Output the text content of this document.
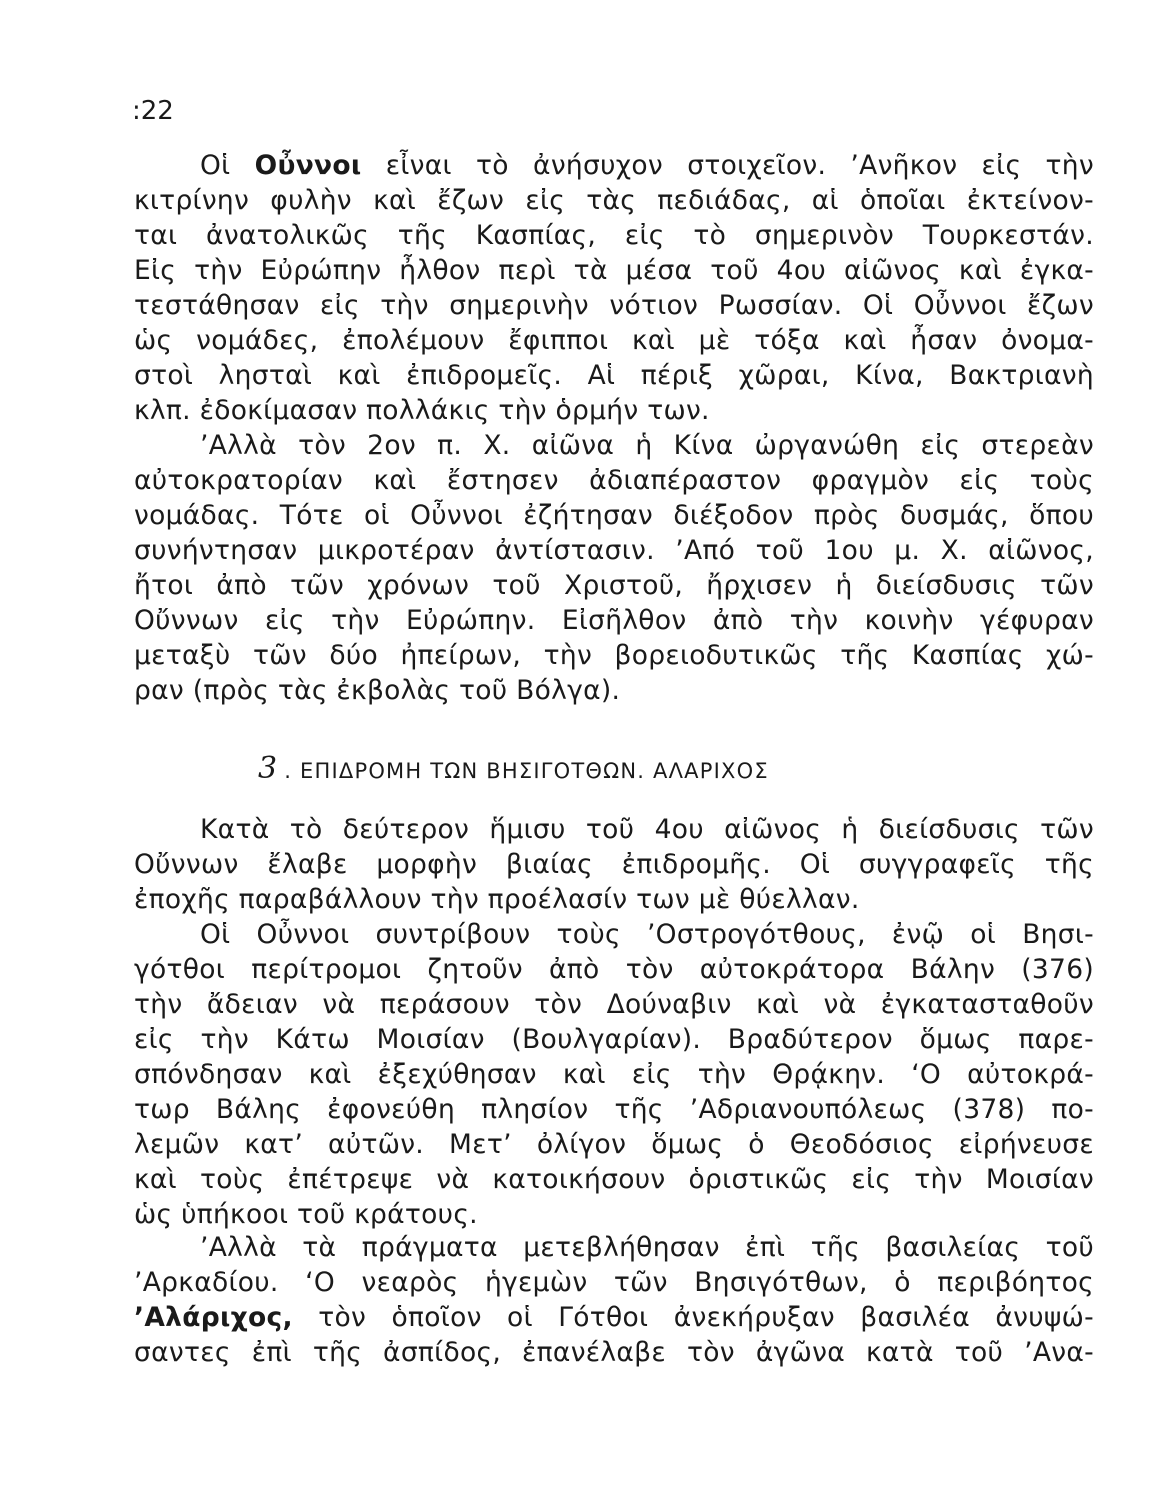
:22
Οἱ Οὖννοι εἶναι τὸ ἀνήσυχον στοιχεῖον. ’Ανῆκον εἰς τὴν
κιτρίνην φυλὴν καὶ ἔζων εἰς τὰς πεδιάδας, αἱ ὁποῖαι ἐκτείνον-
ται ἀνατολικῶς τῆς Κασπίας, εἰς τὸ σημερινὸν Τουρκεστάν.
Εἰς τὴν Εὐρώπην ἦλθον περὶ τὰ μέσα τοῦ 4ου αἰῶνος καὶ ἐγκα-
τεστάθησαν εἰς τὴν σημερινὴν νότιον Ρωσσίαν. Οἱ Οὖννοι ἔζων
ὡς νομάδες, ἐπολέμουν ἔφιπποι καὶ μὲ τόξα καὶ ἦσαν ὀνομα-
στοὶ λησταὶ καὶ ἐπιδρομεῖς. Αἱ πέριξ χῶραι, Κίνα, Βακτριανὴ
κλπ. ἐδοκίμασαν πολλάκις τὴν ὁρμήν των.
’Αλλὰ τὸν 2ον π. Χ. αἰῶνα ἡ Κίνα ὠργανώθη εἰς στερεὰν
αὐτοκρατορίαν καὶ ἔστησεν ἀδιαπέραστον φραγμὸν εἰς τοὺς
νομάδας. Τότε οἱ Οὖννοι ἐζήτησαν διέξοδον πρὸς δυσμάς, ὅπου
συνήντησαν μικροτέραν ἀντίστασιν. ’Από τοῦ 1ου μ. Χ. αἰῶνος,
ἤτοι ἀπὸ τῶν χρόνων τοῦ Χριστοῦ, ἤρχισεν ἡ διείσδυσις τῶν
Οὔννων εἰς τὴν Εὐρώπην. Εἰσῆλθον ἀπὸ τὴν κοινὴν γέφυραν
μεταξὺ τῶν δύο ἠπείρων, τὴν βορειοδυτικῶς τῆς Κασπίας χώ-
ραν (πρὸς τὰς ἐκβολὰς τοῦ Βόλγα).
3 . ΕΠΙΔΡΟΜΗ ΤΩΝ ΒΗΣΙΓΟΤΘΩΝ. ΑΛΑΡΙΧΟΣ
Κατὰ τὸ δεύτερον ἥμισυ τοῦ 4ου αἰῶνος ἡ διείσδυσις τῶν
Οὔννων ἔλαβε μορφὴν βιαίας ἐπιδρομῆς. Οἱ συγγραφεῖς τῆς
ἐποχῆς παραβάλλουν τὴν προέλασίν των μὲ θύελλαν.
Οἱ Οὖννοι συντρίβουν τοὺς ’Οστρογότθους, ἐνῷ οἱ Βησι-
γότθοι περίτρομοι ζητοῦν ἀπὸ τὸν αὐτοκράτορα Βάλην (376)
τὴν ἄδειαν νὰ περάσουν τὸν Δούναβιν καὶ νὰ ἐγκατασταθοῦν
εἰς τὴν Κάτω Μοισίαν (Βουλγαρίαν). Βραδύτερον ὅμως παρε-
σπόνδησαν καὶ ἐξεχύθησαν καὶ εἰς τὴν Θρᾴκην. ‘Ο αὐτοκρά-
τωρ Βάλης ἐφονεύθη πλησίον τῆς ’Αδριανουπόλεως (378) πο-
λεμῶν κατ’ αὐτῶν. Μετ’ ὀλίγον ὅμως ὁ Θεοδόσιος εἰρήνευσε
καὶ τοὺς ἐπέτρεψε νὰ κατοικήσουν ὁριστικῶς εἰς τὴν Μοισίαν
ὡς ὑπήκοοι τοῦ κράτους.
’Αλλὰ τὰ πράγματα μετεβλήθησαν ἐπὶ τῆς βασιλείας τοῦ
’Αρκαδίου. ‘Ο νεαρὸς ἡγεμὼν τῶν Βησιγότθων, ὁ περιβόητος
’Αλάριχος, τὸν ὁποῖον οἱ Γότθοι ἀνεκήρυξαν βασιλέα ἀνυψώ-
σαντες ἐπὶ τῆς ἀσπίδος, ἐπανέλαβε τὸν ἀγῶνα κατὰ τοῦ ’Ανα-
